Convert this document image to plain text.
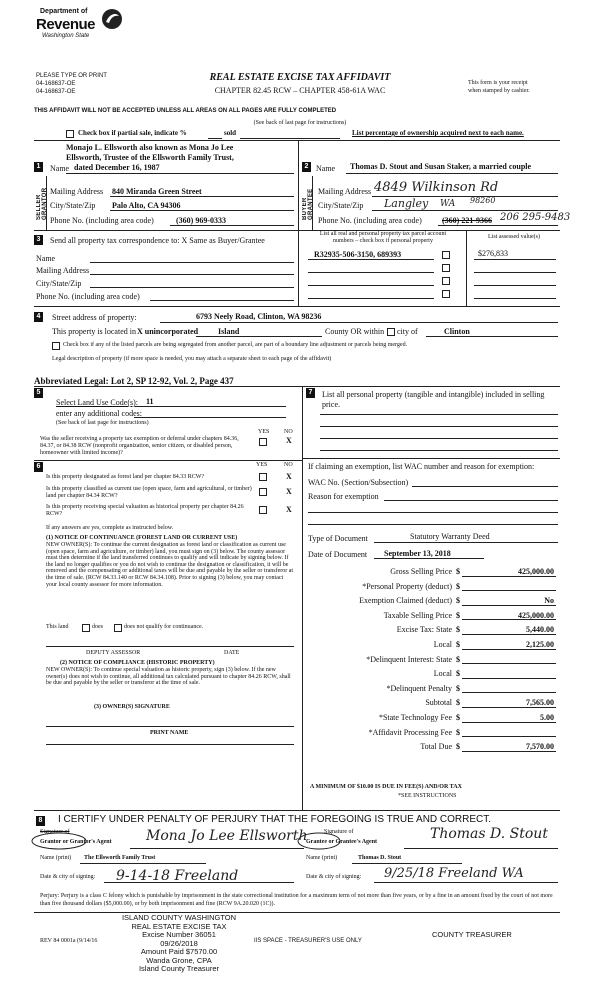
Department of
Revenue
Washington State
PLEASE TYPE OR PRINT
04-168637-OE
04-168637-OE
REAL ESTATE EXCISE TAX AFFIDAVIT
CHAPTER 82.45 RCW – CHAPTER 458-61A WAC
This form is your receipt
when stamped by cashier.
THIS AFFIDAVIT WILL NOT BE ACCEPTED UNLESS ALL AREAS ON ALL PAGES ARE FULLY COMPLETED
(See back of last page for instructions)
Check box if partial sale, indicate %	sold	List percentage of ownership acquired next to each name.
1	Name
Monajo L. Ellsworth also known as Mona Jo Lee
Ellsworth, Trustee of the Ellsworth Family Trust,
dated December 16, 1987
SELLER GRANTOR Mailing Address 840 Miranda Green Street
City/State/Zip Palo Alto, CA 94306
Phone No. (including area code)	(360) 969-0333
2 Name Thomas D. Stout and Susan Staker, a married couple
BUYER GRANTEE Mailing Address 4849 Wilkinson Rd
City/State/Zip Langley WA 98260
Phone No. (including area code)	(360) 221-9366 206 295-9483
3	Send all property tax correspondence to: X Same as Buyer/Grantee
Name
Mailing Address
City/State/Zip
Phone No. (including area code)
List all real and personal property tax parcel account
numbers – check box if personal property
List assessed value(s)
R32935-506-3150, 689393	$276,833
4	Street address of property:	6793 Neely Road, Clinton, WA 98236
This property is located in X unincorporated Island	County OR within city of	Clinton
Check box if any of the listed parcels are being segregated from another parcel, are part of a boundary line adjustment or parcels being merged.
Legal description of property (if more space is needed, you may attach a separate sheet to each page of the affidavit)
Abbreviated Legal: Lot 2, SP 12-92, Vol. 2, Page 437
5
Select Land Use Code(s): 11
enter any additional codes:
(See back of last page for instructions)
YES NO
Was the seller receiving a property tax exemption or deferral under chapters 84.36, 84.37, or 84.38 RCW (nonprofit organization, senior citizen, or disabled person, homeowner with limited income)?
X
6	YES	NO
Is this property designated as forest land per chapter 84.33 RCW?	X
Is this property classified as current use (open space, farm and agricultural, or timber) land per chapter 84.34 RCW?	X
Is this property receiving special valuation as historical property per chapter 84.26 RCW?	X
If any answers are yes, complete as instructed below.
(1) NOTICE OF CONTINUANCE (FOREST LAND OR CURRENT USE)
NEW OWNER(S): To continue the current designation as forest land or classification as current use (open space, farm and agriculture, or timber) land, you must sign on (3) below. The county assessor must then determine if the land transferred continues to qualify and will indicate by signing below. If the land no longer qualifies or you do not wish to continue the designation or classification, it will be removed and the compensating or additional taxes will be due and payable by the seller or transferor at the time of sale. (RCW 84.33.140 or RCW 84.34.108). Prior to signing (3) below, you may contact your local county assessor for more information.
This land	does	does not qualify for continuance.
DEPUTY ASSESSOR	DATE
(2) NOTICE OF COMPLIANCE (HISTORIC PROPERTY)
NEW OWNER(S): To continue special valuation as historic property, sign (3) below. If the new owner(s) does not wish to continue, all additional tax calculated pursuant to chapter 84.26 RCW, shall be due and payable by the seller or transferor at the time of sale.
(3) OWNER(S) SIGNATURE
PRINT NAME
7	List all personal property (tangible and intangible) included in selling price.
If claiming an exemption, list WAC number and reason for exemption:
WAC No. (Section/Subsection)
Reason for exemption
Type of Document	Statutory Warranty Deed
Date of Document September 13, 2018
Gross Selling Price $	425,000.00
*Personal Property (deduct) $
Exemption Claimed (deduct) $	No
Taxable Selling Price $	425,000.00
Excise Tax: State $	5,440.00
Local $	2,125.00
*Delinquent Interest: State $
Local $
*Delinquent Penalty $
Subtotal $	7,565.00
*State Technology Fee $	5.00
*Affidavit Processing Fee $
Total Due $	7,570.00
A MINIMUM OF $10.00 IS DUE IN FEE(S) AND/OR TAX
*SEE INSTRUCTIONS
8 I CERTIFY UNDER PENALTY OF PERJURY THAT THE FOREGOING IS TRUE AND CORRECT.
Signature of
Grantor or Grantor's Agent Mona Jo Lee Ellsworth	Signature of
Grantee or Grantee's Agent	Thomas D. Stout
Name (print) The Ellsworth Family Trust	Name (print)	Thomas D. Stout
Date & city of signing: 9-14-18 Freeland	Date & city of signing: 9/25/18 Freeland WA
Perjury: Perjury is a class C felony which is punishable by imprisonment in the state correctional institution for a maximum term of not more than five years, or by a fine in an amount fixed by the court of not more than five thousand dollars ($5,000.00), or by both imprisonment and fine (RCW 9A.20.020 (1C)).
REV 84 0001a (9/14/16
ISLAND COUNTY WASHINGTON
REAL ESTATE EXCISE TAX
Excise Number 36051
09/26/2018
Amount Paid $7570.00
Wanda Grone, CPA
Island County Treasurer
IIS SPACE - TREASURER'S USE ONLY
COUNTY TREASURER
